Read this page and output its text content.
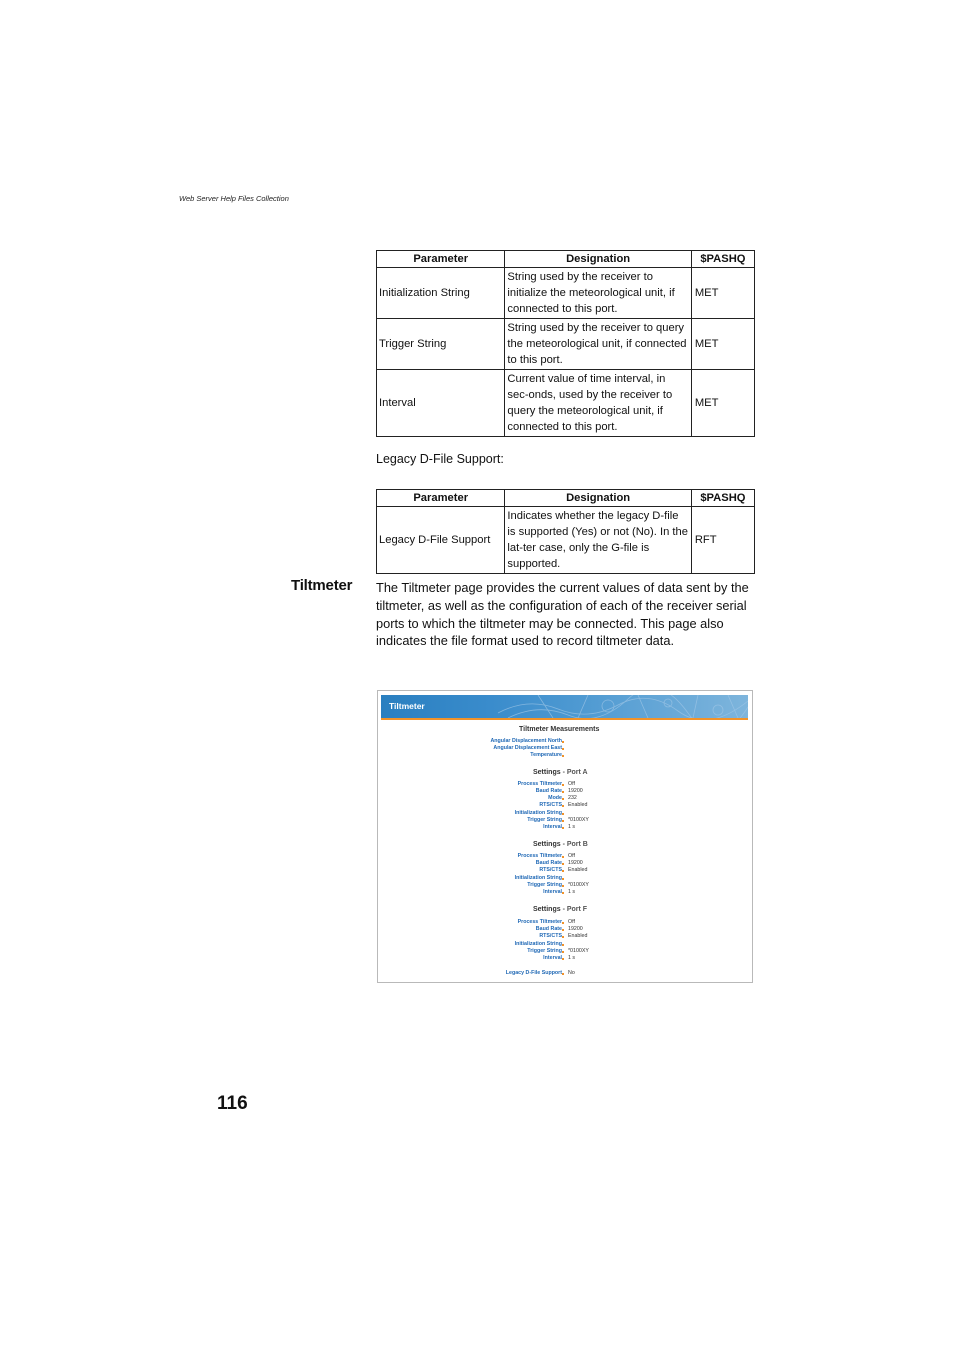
Web Server Help Files Collection
Parameter	Designation	$PASHQ
Initialization String	String used by the receiver to initialize the meteorological unit, if connected to this port.	MET
Trigger String	String used by the receiver to query the meteorological unit, if connected to this port.	MET
Interval	Current value of time interval, in sec-onds, used by the receiver to query the meteorological unit, if connected to this port.	MET
Legacy D-File Support:
Parameter	Designation	$PASHQ
Legacy D-File Support	Indicates whether the legacy D-file is supported (Yes) or not (No). In the lat-ter case, only the G-file is supported.	RFT
Tiltmeter The Tiltmeter page provides the current values of data sent by the tiltmeter, as well as the configuration of each of the receiver serial ports to which the tiltmeter may be connected. This page also indicates the file format used to record tiltmeter data.
Tiltmeter
Tiltmeter Measurements
Angular Displacement North
Angular Displacement East
Temperature
Settings - Port A
Process Tiltmeter Off
Baud Rate 19200
Mode 232
RTS/CTS Enabled
Initialization String
Trigger String *0100XY
Interval 1 s
Settings - Port B
Process Tiltmeter Off
Baud Rate 19200
RTS/CTS Enabled
Initialization String
Trigger String *0100XY
Interval 1 s
Settings - Port F
Process Tiltmeter Off
Baud Rate 19200
RTS/CTS Enabled
Initialization String
Trigger String *0100XY
Interval 1 s
Legacy D-File Support No
116
